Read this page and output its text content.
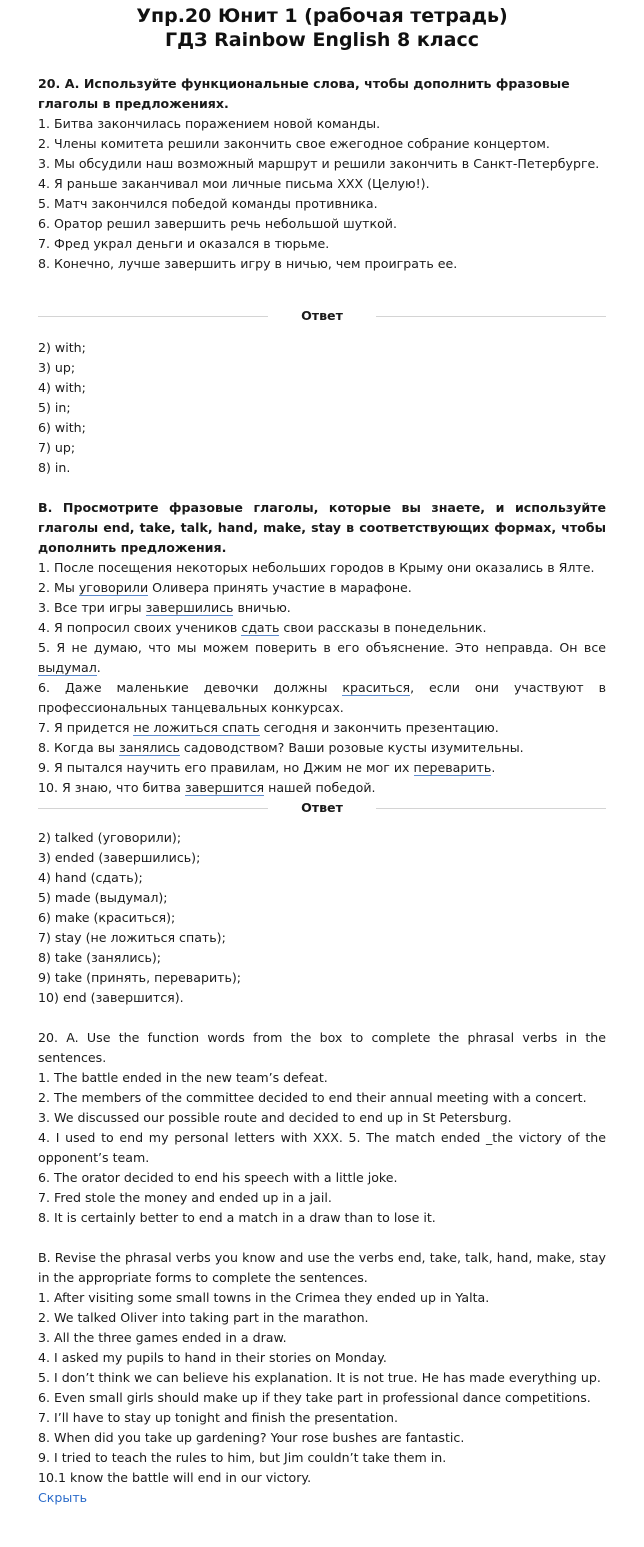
Упр.20 Юнит 1 (рабочая тетрадь)
ГДЗ Rainbow English 8 класс
20. A. Используйте функциональные слова, чтобы дополнить фразовые глаголы в предложениях.
1. Битва закончилась поражением новой команды.
2. Члены комитета решили закончить свое ежегодное собрание концертом.
3. Мы обсудили наш возможный маршрут и решили закончить в Санкт-Петербурге.
4. Я раньше заканчивал мои личные письма XXX (Целую!).
5. Матч закончился победой команды противника.
6. Оратор решил завершить речь небольшой шуткой.
7. Фред украл деньги и оказался в тюрьме.
8. Конечно, лучше завершить игру в ничью, чем проиграть ее.
Ответ
2) with;
3) up;
4) with;
5) in;
6) with;
7) up;
8) in.
B. Просмотрите фразовые глаголы, которые вы знаете, и используйте глаголы end, take, talk, hand, make, stay в соответствующих формах, чтобы дополнить предложения.
1. После посещения некоторых небольших городов в Крыму они оказались в Ялте.
2. Мы уговорили Оливера принять участие в марафоне.
3. Все три игры завершились вничью.
4. Я попросил своих учеников сдать свои рассказы в понедельник.
5. Я не думаю, что мы можем поверить в его объяснение. Это неправда. Он все выдумал.
6. Даже маленькие девочки должны краситься, если они участвуют в профессиональных танцевальных конкурсах.
7. Я придется не ложиться спать сегодня и закончить презентацию.
8. Когда вы занялись садоводством? Ваши розовые кусты изумительны.
9. Я пытался научить его правилам, но Джим не мог их переварить.
10. Я знаю, что битва завершится нашей победой.
Ответ
2) talked (уговорили);
3) ended (завершились);
4) hand (сдать);
5) made (выдумал);
6) make (краситься);
7) stay (не ложиться спать);
8) take (занялись);
9) take (принять, переварить);
10) end (завершится).
20. A. Use the function words from the box to complete the phrasal verbs in the sentences.
1. The battle ended in the new team’s defeat.
2. The members of the committee decided to end their annual meeting with a concert.
3. We discussed our possible route and decided to end up in St Petersburg.
4. I used to end my personal letters with XXX. 5. The match ended _the victory of the opponent’s team.
6. The orator decided to end his speech with a little joke.
7. Fred stole the money and ended up in a jail.
8. It is certainly better to end a match in a draw than to lose it.
B. Revise the phrasal verbs you know and use the verbs end, take, talk, hand, make, stay in the appropriate forms to complete the sentences.
1. After visiting some small towns in the Crimea they ended up in Yalta.
2. We talked Oliver into taking part in the marathon.
3. All the three games ended in a draw.
4. I asked my pupils to hand in their stories on Monday.
5. I don’t think we can believe his explanation. It is not true. He has made everything up.
6. Even small girls should make up if they take part in professional dance competitions.
7. I’ll have to stay up tonight and finish the presentation.
8. When did you take up gardening? Your rose bushes are fantastic.
9. I tried to teach the rules to him, but Jim couldn’t take them in.
10.1 know the battle will end in our victory.
Скрыть
